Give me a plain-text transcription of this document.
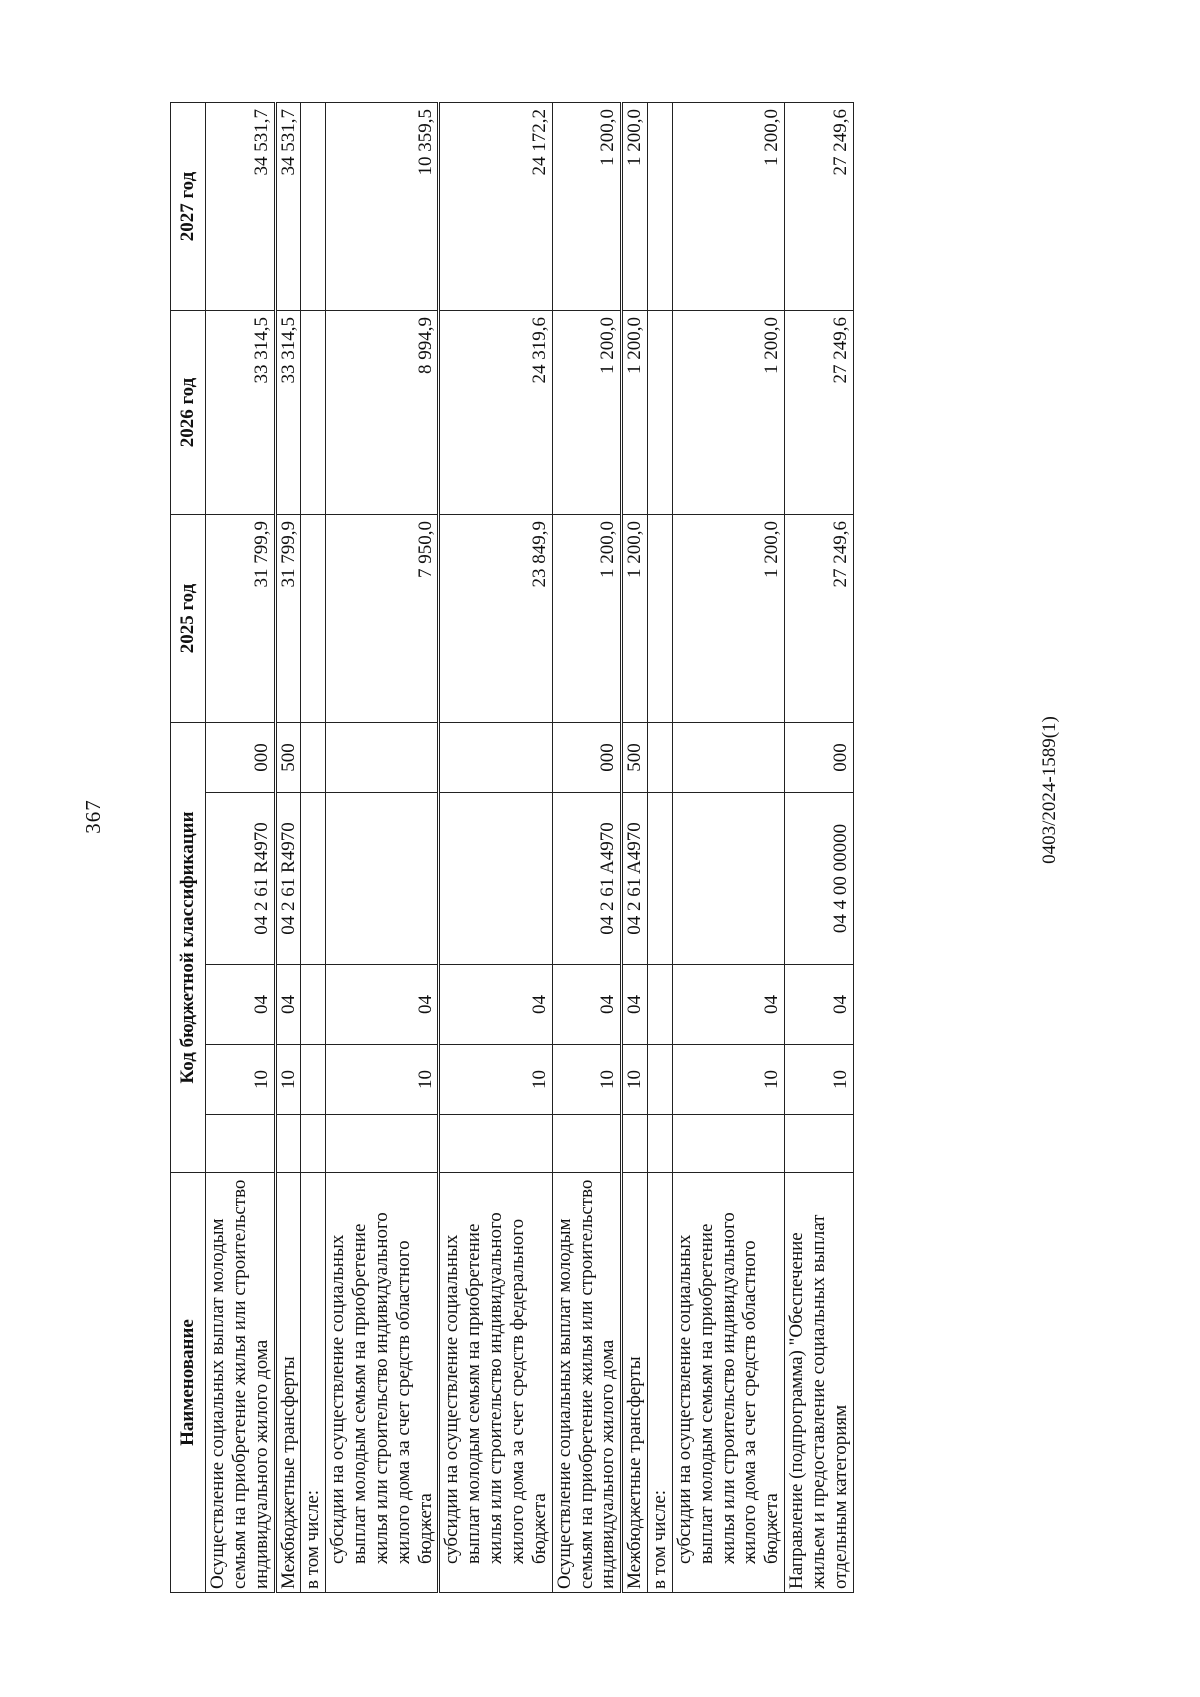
367	0403/2024-1589(1)
Наименование	Код бюджетной классификации					2025 год	2026 год	2027 год
Осуществление социальных выплат молодым семьям на приобретение жилья или строительство индивидуального жилого дома		10	04	04 2 61 R4970	000	31 799,9	33 314,5	34 531,7
Межбюджетные трансферты		10	04	04 2 61 R4970	500	31 799,9	33 314,5	34 531,7
в том числе:								
субсидии на осуществление социальных выплат молодым семьям на приобретение жилья или строительство индивидуального жилого дома за счет средств областного бюджета		10	04			7 950,0	8 994,9	10 359,5
субсидии на осуществление социальных выплат молодым семьям на приобретение жилья или строительство индивидуального жилого дома за счет средств федерального бюджета		10	04			23 849,9	24 319,6	24 172,2
Осуществление социальных выплат молодым семьям на приобретение жилья или строительство индивидуального жилого дома		10	04	04 2 61 A4970	000	1 200,0	1 200,0	1 200,0
Межбюджетные трансферты		10	04	04 2 61 A4970	500	1 200,0	1 200,0	1 200,0
в том числе:								
субсидии на осуществление социальных выплат молодым семьям на приобретение жилья или строительство индивидуального жилого дома за счет средств областного бюджета		10	04			1 200,0	1 200,0	1 200,0
Направление (подпрограмма) "Обеспечение жильем и предоставление социальных выплат отдельным категориям		10	04	04 4 00 00000	000	27 249,6	27 249,6	27 249,6
